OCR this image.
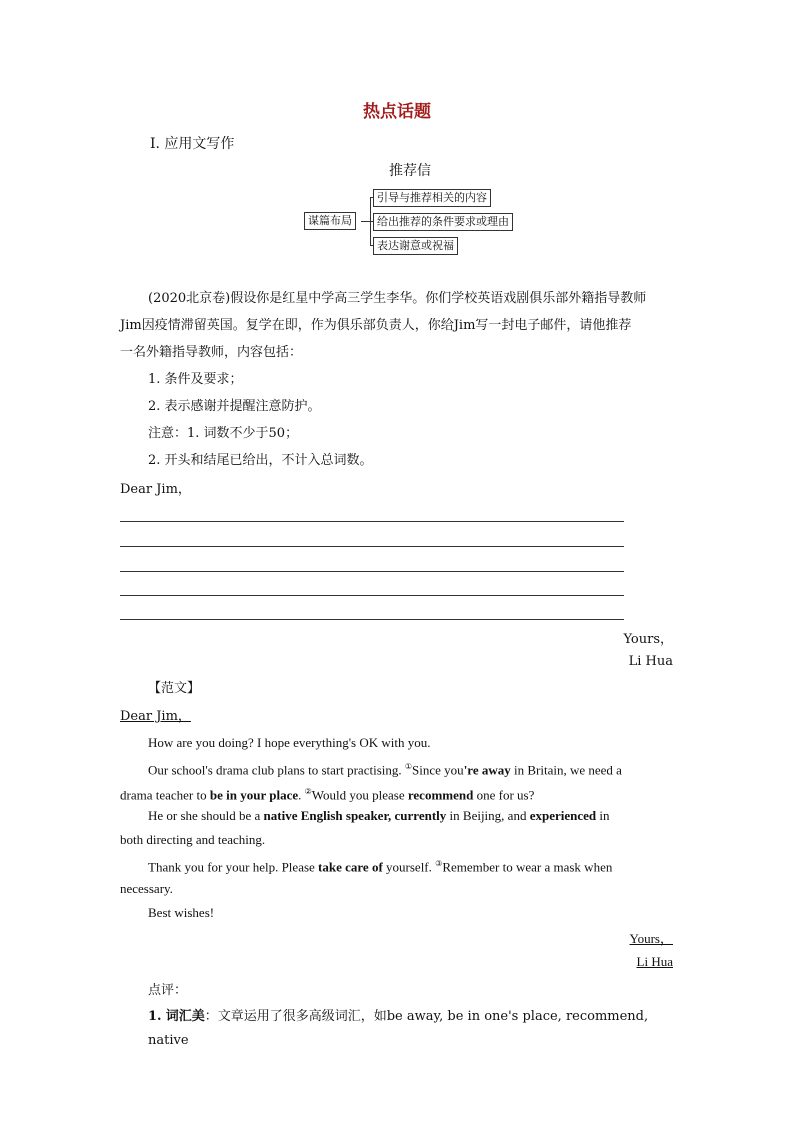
热点话题
Ⅰ. 应用文写作
推荐信
谋篇布局
引导与推荐相关的内容
给出推荐的条件要求或理由
表达谢意或祝福
(2020北京卷)假设你是红星中学高三学生李华。你们学校英语戏剧俱乐部外籍指导教师
Jim因疫情滞留英国。复学在即，作为俱乐部负责人，你给Jim写一封电子邮件，请他推荐
一名外籍指导教师，内容包括：
1. 条件及要求；
2. 表示感谢并提醒注意防护。
注意：1. 词数不少于50；
2. 开头和结尾已给出，不计入总词数。
Dear Jim，
Yours，
Li Hua
【范文】
Dear Jim，
How are you doing? I hope everything's OK with you.
Our school's drama club plans to start practising. ①Since you're away in Britain, we need a
drama teacher to be in your place. ②Would you please recommend one for us?
He or she should be a native English speaker, currently in Beijing, and experienced in
both directing and teaching.
Thank you for your help. Please take care of yourself. ③Remember to wear a mask when
necessary.
Best wishes!
Yours，
Li Hua
点评：
1. 词汇美：文章运用了很多高级词汇，如be away, be in one's place, recommend, native
